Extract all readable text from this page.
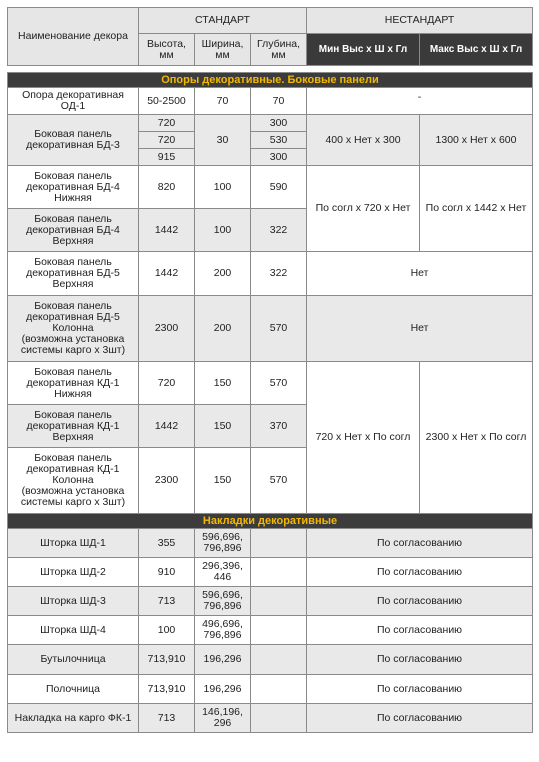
Наименование декора	СТАНДАРТ			НЕСТАНДАРТ	
	Высота, мм	Ширина, мм	Глубина, мм	Мин Выс х Ш х Гл	Макс Выс х Ш х Гл

Опоры декоративные. Боковые панели					
Опора декоративная ОД-1	50-2500	70	70	-	
Боковая панель декоративная БД-3	720	30	300	400 х Нет х 300	1300 х Нет х 600
	720		530		
	915		300		

Боковая панель декоративная БД-4
Нижняя	820	100	590	По согл х 720 х Нет	По согл х 1442 х Нет

Боковая панель декоративная БД-4
Верхняя	1442	100	322		

Боковая панель декоративная БД-5
Верхняя	1442	200	322	Нет	

Боковая панель декоративная БД-5
Колонна
(возможна установка системы карго х 3шт)	2300	200	570	Нет	

Боковая панель декоративная КД-1
Нижняя	720	150	570	720 х Нет х По согл	2300 х Нет х По согл

Боковая панель декоративная КД-1
Верхняя	1442	150	370		

Боковая панель декоративная КД-1
Колонна
(возможна установка системы карго х 3шт)	2300	150	570		
Накладки декоративные					
Шторка ШД-1	355	596,696, 796,896		По согласованию	
Шторка ШД-2	910	296,396, 446		По согласованию	
Шторка ШД-3	713	596,696, 796,896		По согласованию	
Шторка ШД-4	100	496,696, 796,896		По согласованию	
Бутылочница	713,910	196,296		По согласованию	
Полочница	713,910	196,296		По согласованию	
Накладка на карго ФК-1	713	146,196, 296		По согласованию	
